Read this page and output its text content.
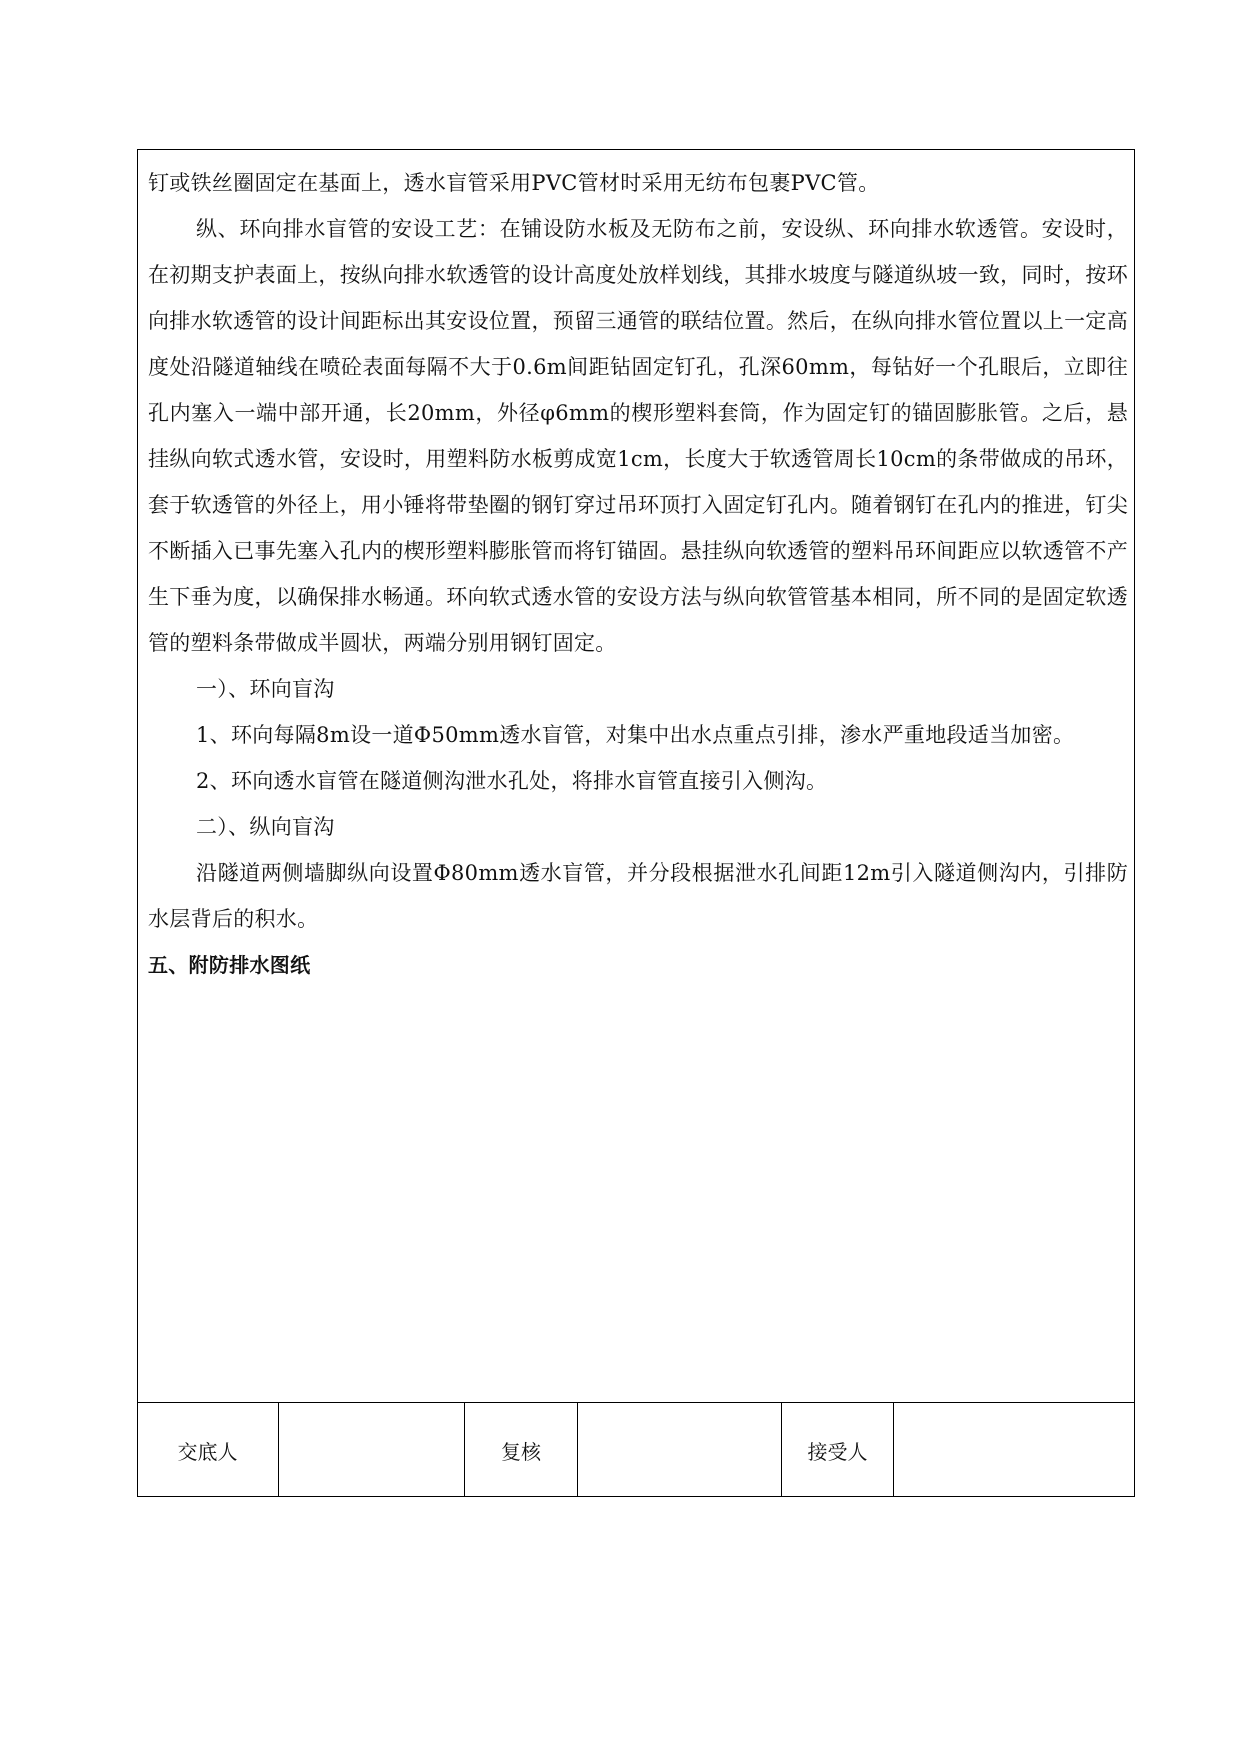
钉或铁丝圈固定在基面上，透水盲管采用PVC管材时采用无纺布包裹PVC管。

纵、环向排水盲管的安设工艺：在铺设防水板及无防布之前，安设纵、环向排水软透管。安设时，在初期支护表面上，按纵向排水软透管的设计高度处放样划线，其排水坡度与隧道纵坡一致，同时，按环向排水软透管的设计间距标出其安设位置，预留三通管的联结位置。然后，在纵向排水管位置以上一定高度处沿隧道轴线在喷砼表面每隔不大于0.6m间距钻固定钉孔，孔深60mm，每钻好一个孔眼后，立即往孔内塞入一端中部开通，长20mm，外径φ6mm的楔形塑料套筒，作为固定钉的锚固膨胀管。之后，悬挂纵向软式透水管，安设时，用塑料防水板剪成宽1cm，长度大于软透管周长10cm的条带做成的吊环，套于软透管的外径上，用小锤将带垫圈的钢钉穿过吊环顶打入固定钉孔内。随着钢钉在孔内的推进，钉尖不断插入已事先塞入孔内的楔形塑料膨胀管而将钉锚固。悬挂纵向软透管的塑料吊环间距应以软透管不产生下垂为度，以确保排水畅通。环向软式透水管的安设方法与纵向软管管基本相同，所不同的是固定软透管的塑料条带做成半圆状，两端分别用钢钉固定。

一）、环向盲沟

1、环向每隔8m设一道Φ50mm透水盲管，对集中出水点重点引排，渗水严重地段适当加密。

2、环向透水盲管在隧道侧沟泄水孔处，将排水盲管直接引入侧沟。

二）、纵向盲沟

沿隧道两侧墙脚纵向设置Φ80mm透水盲管，并分段根据泄水孔间距12m引入隧道侧沟内，引排防水层背后的积水。

五、附防排水图纸

交底人	复核	接受人
